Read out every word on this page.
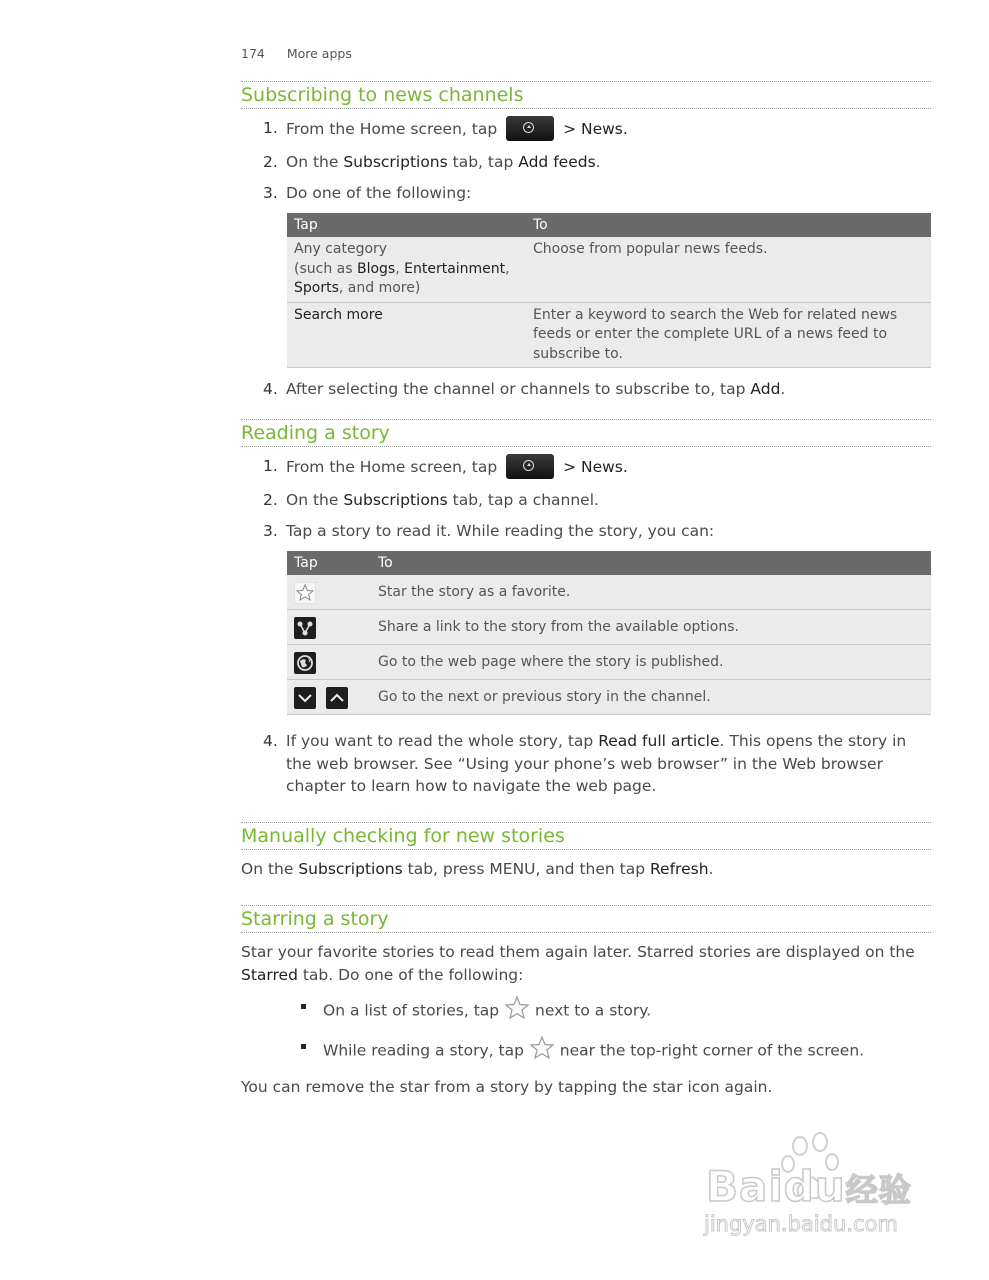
174 More apps
Subscribing to news channels
1. From the Home screen, tap	> News.
2. On the Subscriptions tab, tap Add feeds.
3. Do one of the following:
Tap	To
Any category
(such as Blogs, Entertainment,
Sports, and more)	Choose from popular news feeds.
Search more	Enter a keyword to search the Web for related news feeds or enter the complete URL of a news feed to subscribe to.
4. After selecting the channel or channels to subscribe to, tap Add.
Reading a story
1. From the Home screen, tap	> News.
2. On the Subscriptions tab, tap a channel.
3. Tap a story to read it. While reading the story, you can:
Tap	To
	Star the story as a favorite.
	Share a link to the story from the available options.
	Go to the web page where the story is published.
	Go to the next or previous story in the channel.
4. If you want to read the whole story, tap Read full article. This opens the story in the web browser. See “Using your phone’s web browser” in the Web browser chapter to learn how to navigate the web page.
Manually checking for new stories
On the Subscriptions tab, press MENU, and then tap Refresh.
Starring a story
Star your favorite stories to read them again later. Starred stories are displayed on the Starred tab. Do one of the following:
On a list of stories, tap next to a story.
While reading a story, tap near the top-right corner of the screen.
You can remove the star from a story by tapping the star icon again.
Baidu经验
jingyan.baidu.com
